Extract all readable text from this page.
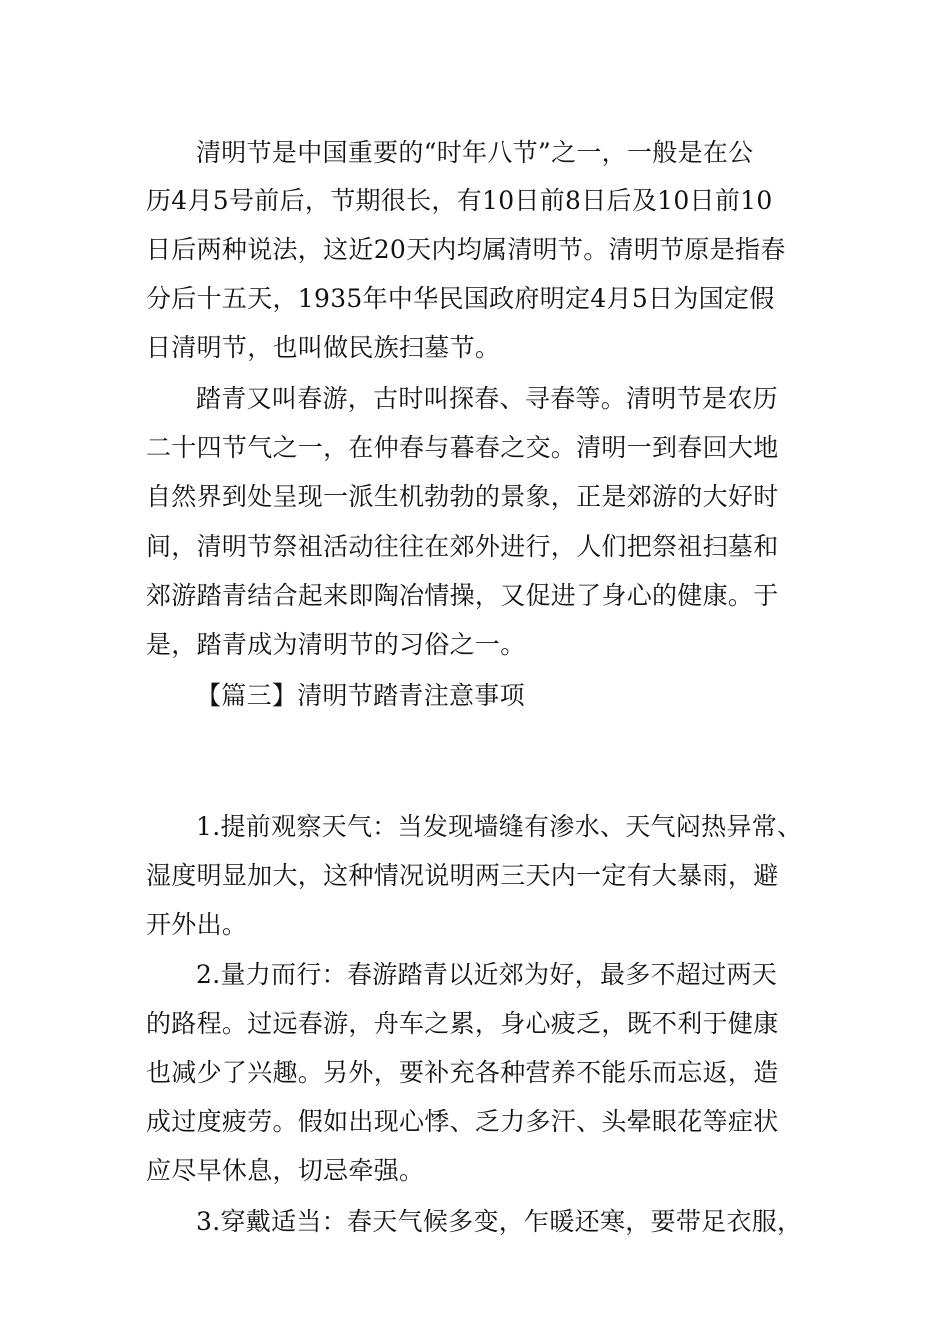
清明节是中国重要的“时年八节”之一，一般是在公
历4月5号前后，节期很长，有10日前8日后及10日前10
日后两种说法，这近20天内均属清明节。清明节原是指春
分后十五天，1935年中华民国政府明定4月5日为国定假
日清明节，也叫做民族扫墓节。
踏青又叫春游，古时叫探春、寻春等。清明节是农历
二十四节气之一，在仲春与暮春之交。清明一到春回大地
自然界到处呈现一派生机勃勃的景象，正是郊游的大好时
间，清明节祭祖活动往往在郊外进行，人们把祭祖扫墓和
郊游踏青结合起来即陶冶情操，又促进了身心的健康。于
是，踏青成为清明节的习俗之一。
【篇三】清明节踏青注意事项
1.提前观察天气：当发现墙缝有渗水、天气闷热异常、
湿度明显加大，这种情况说明两三天内一定有大暴雨，避
开外出。
2.量力而行：春游踏青以近郊为好，最多不超过两天
的路程。过远春游，舟车之累，身心疲乏，既不利于健康
也减少了兴趣。另外，要补充各种营养不能乐而忘返，造
成过度疲劳。假如出现心悸、乏力多汗、头晕眼花等症状
应尽早休息，切忌牵强。
3.穿戴适当：春天气候多变，乍暖还寒，要带足衣服，
